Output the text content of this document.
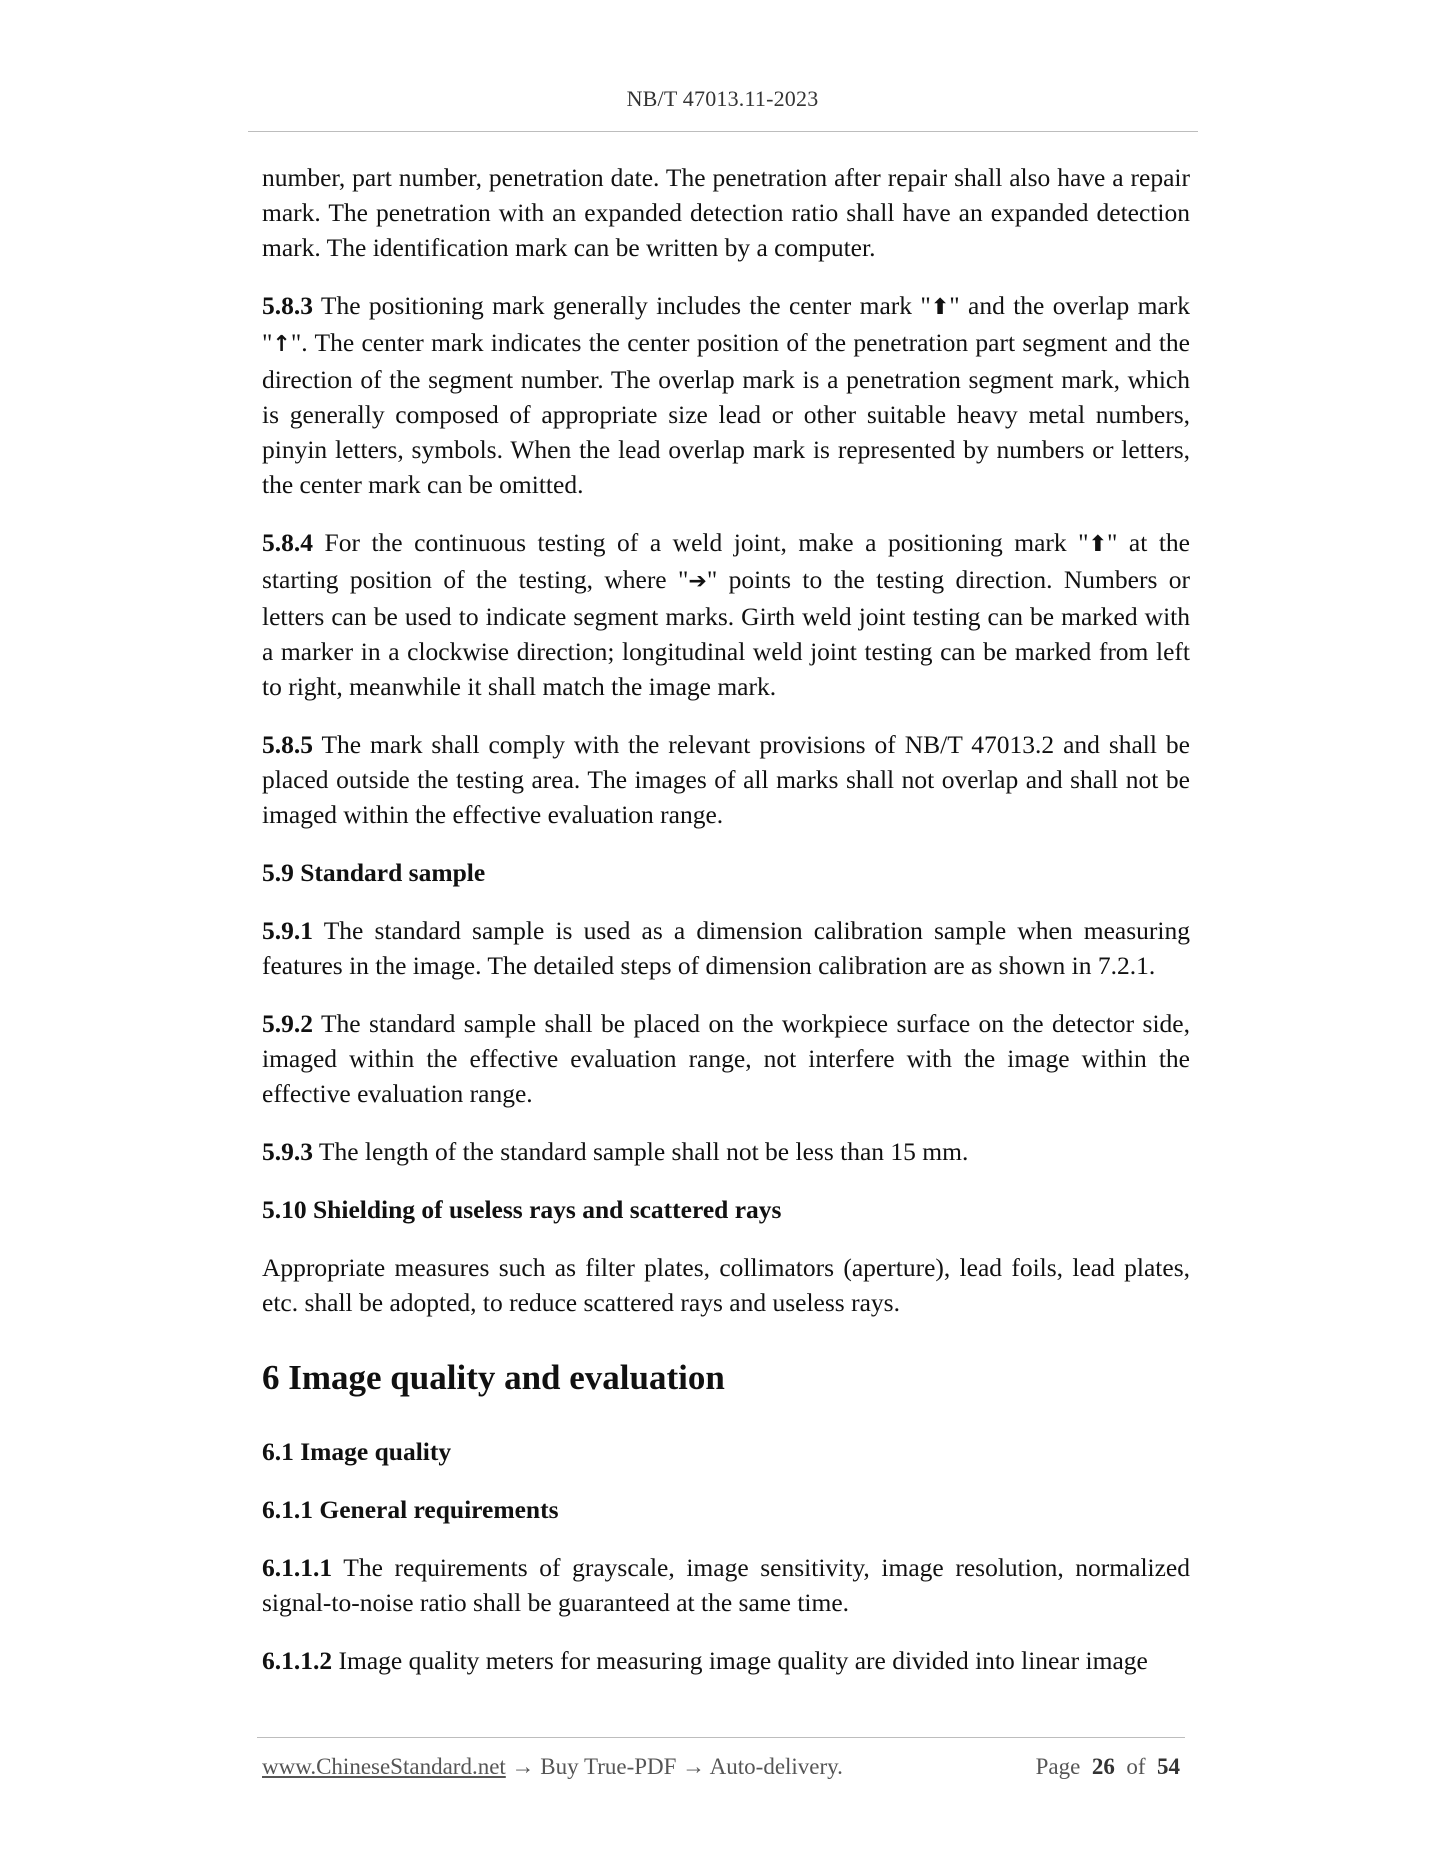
NB/T 47013.11-2023

number, part number, penetration date. The penetration after repair shall also have a repair mark. The penetration with an expanded detection ratio shall have an expanded detection mark. The identification mark can be written by a computer.

5.8.3 The positioning mark generally includes the center mark "⬆" and the overlap mark "↑". The center mark indicates the center position of the penetration part segment and the direction of the segment number. The overlap mark is a penetration segment mark, which is generally composed of appropriate size lead or other suitable heavy metal numbers, pinyin letters, symbols. When the lead overlap mark is represented by numbers or letters, the center mark can be omitted.

5.8.4 For the continuous testing of a weld joint, make a positioning mark "⬆" at the starting position of the testing, where "➔" points to the testing direction. Numbers or letters can be used to indicate segment marks. Girth weld joint testing can be marked with a marker in a clockwise direction; longitudinal weld joint testing can be marked from left to right, meanwhile it shall match the image mark.

5.8.5 The mark shall comply with the relevant provisions of NB/T 47013.2 and shall be placed outside the testing area. The images of all marks shall not overlap and shall not be imaged within the effective evaluation range.

5.9 Standard sample

5.9.1 The standard sample is used as a dimension calibration sample when measuring features in the image. The detailed steps of dimension calibration are as shown in 7.2.1.

5.9.2 The standard sample shall be placed on the workpiece surface on the detector side, imaged within the effective evaluation range, not interfere with the image within the effective evaluation range.

5.9.3 The length of the standard sample shall not be less than 15 mm.

5.10 Shielding of useless rays and scattered rays

Appropriate measures such as filter plates, collimators (aperture), lead foils, lead plates, etc. shall be adopted, to reduce scattered rays and useless rays.

6 Image quality and evaluation
6.1 Image quality
6.1.1 General requirements

6.1.1.1 The requirements of grayscale, image sensitivity, image resolution, normalized signal-to-noise ratio shall be guaranteed at the same time.

6.1.1.2 Image quality meters for measuring image quality are divided into linear image

www.ChineseStandard.net → Buy True-PDF → Auto-delivery.	Page 26 of 54
